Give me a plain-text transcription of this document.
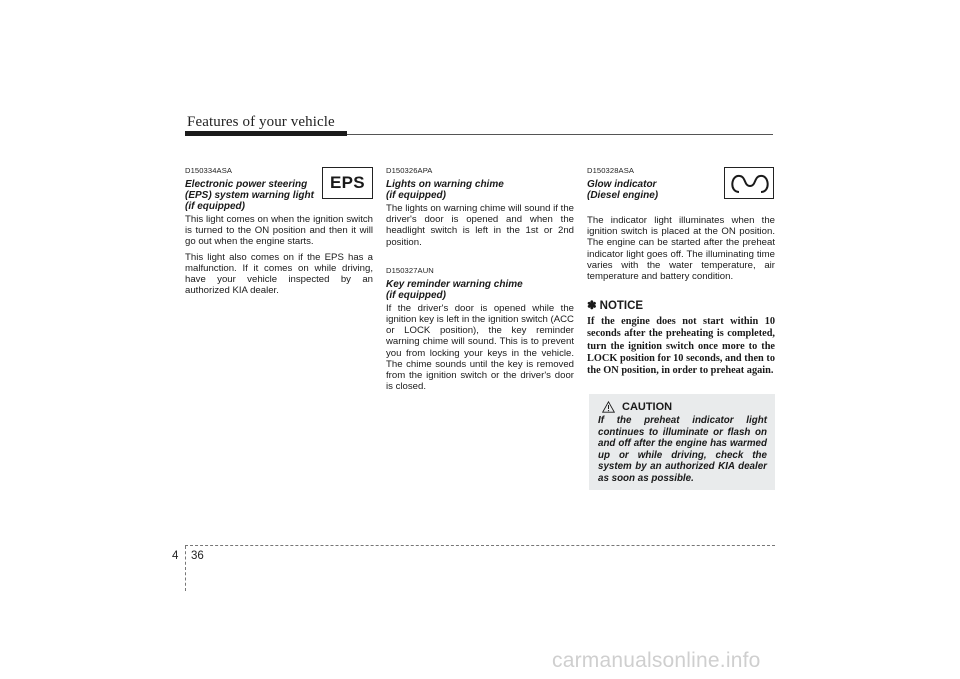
Features of your vehicle

D150334ASA

Electronic power steering
(EPS) system warning light
(if equipped)

This light comes on when the ignition switch is turned to the ON position and then it will go out when the engine starts.

This light also comes on if the EPS has a malfunction. If it comes on while driving, have your vehicle inspected by an authorized KIA dealer.

EPS

D150326APA

Lights on warning chime
(if equipped)

The lights on warning chime will sound if the driver's door is opened and when the headlight switch is left in the 1st or 2nd position.

D150327AUN

Key reminder warning chime
(if equipped)

If the driver's door is opened while the ignition key is left in the ignition switch (ACC or LOCK position), the key reminder warning chime will sound. This is to prevent you from locking your keys in the vehicle. The chime sounds until the key is removed from the ignition switch or the driver's door is closed.

D150328ASA

Glow indicator
(Diesel engine)

The indicator light illuminates when the ignition switch is placed at the ON position. The engine can be started after the preheat indicator light goes off. The illuminating time varies with the water temperature, air temperature and battery condition.

✽ NOTICE

If the engine does not start within 10 seconds after the preheating is completed, turn the ignition switch once more to the LOCK position for 10 seconds, and then to the ON position, in order to preheat again.

CAUTION

If the preheat indicator light continues to illuminate or flash on and off after the engine has warmed up or while driving, check the system by an authorized KIA dealer as soon as possible.

4 36
carmanualsonline.info
